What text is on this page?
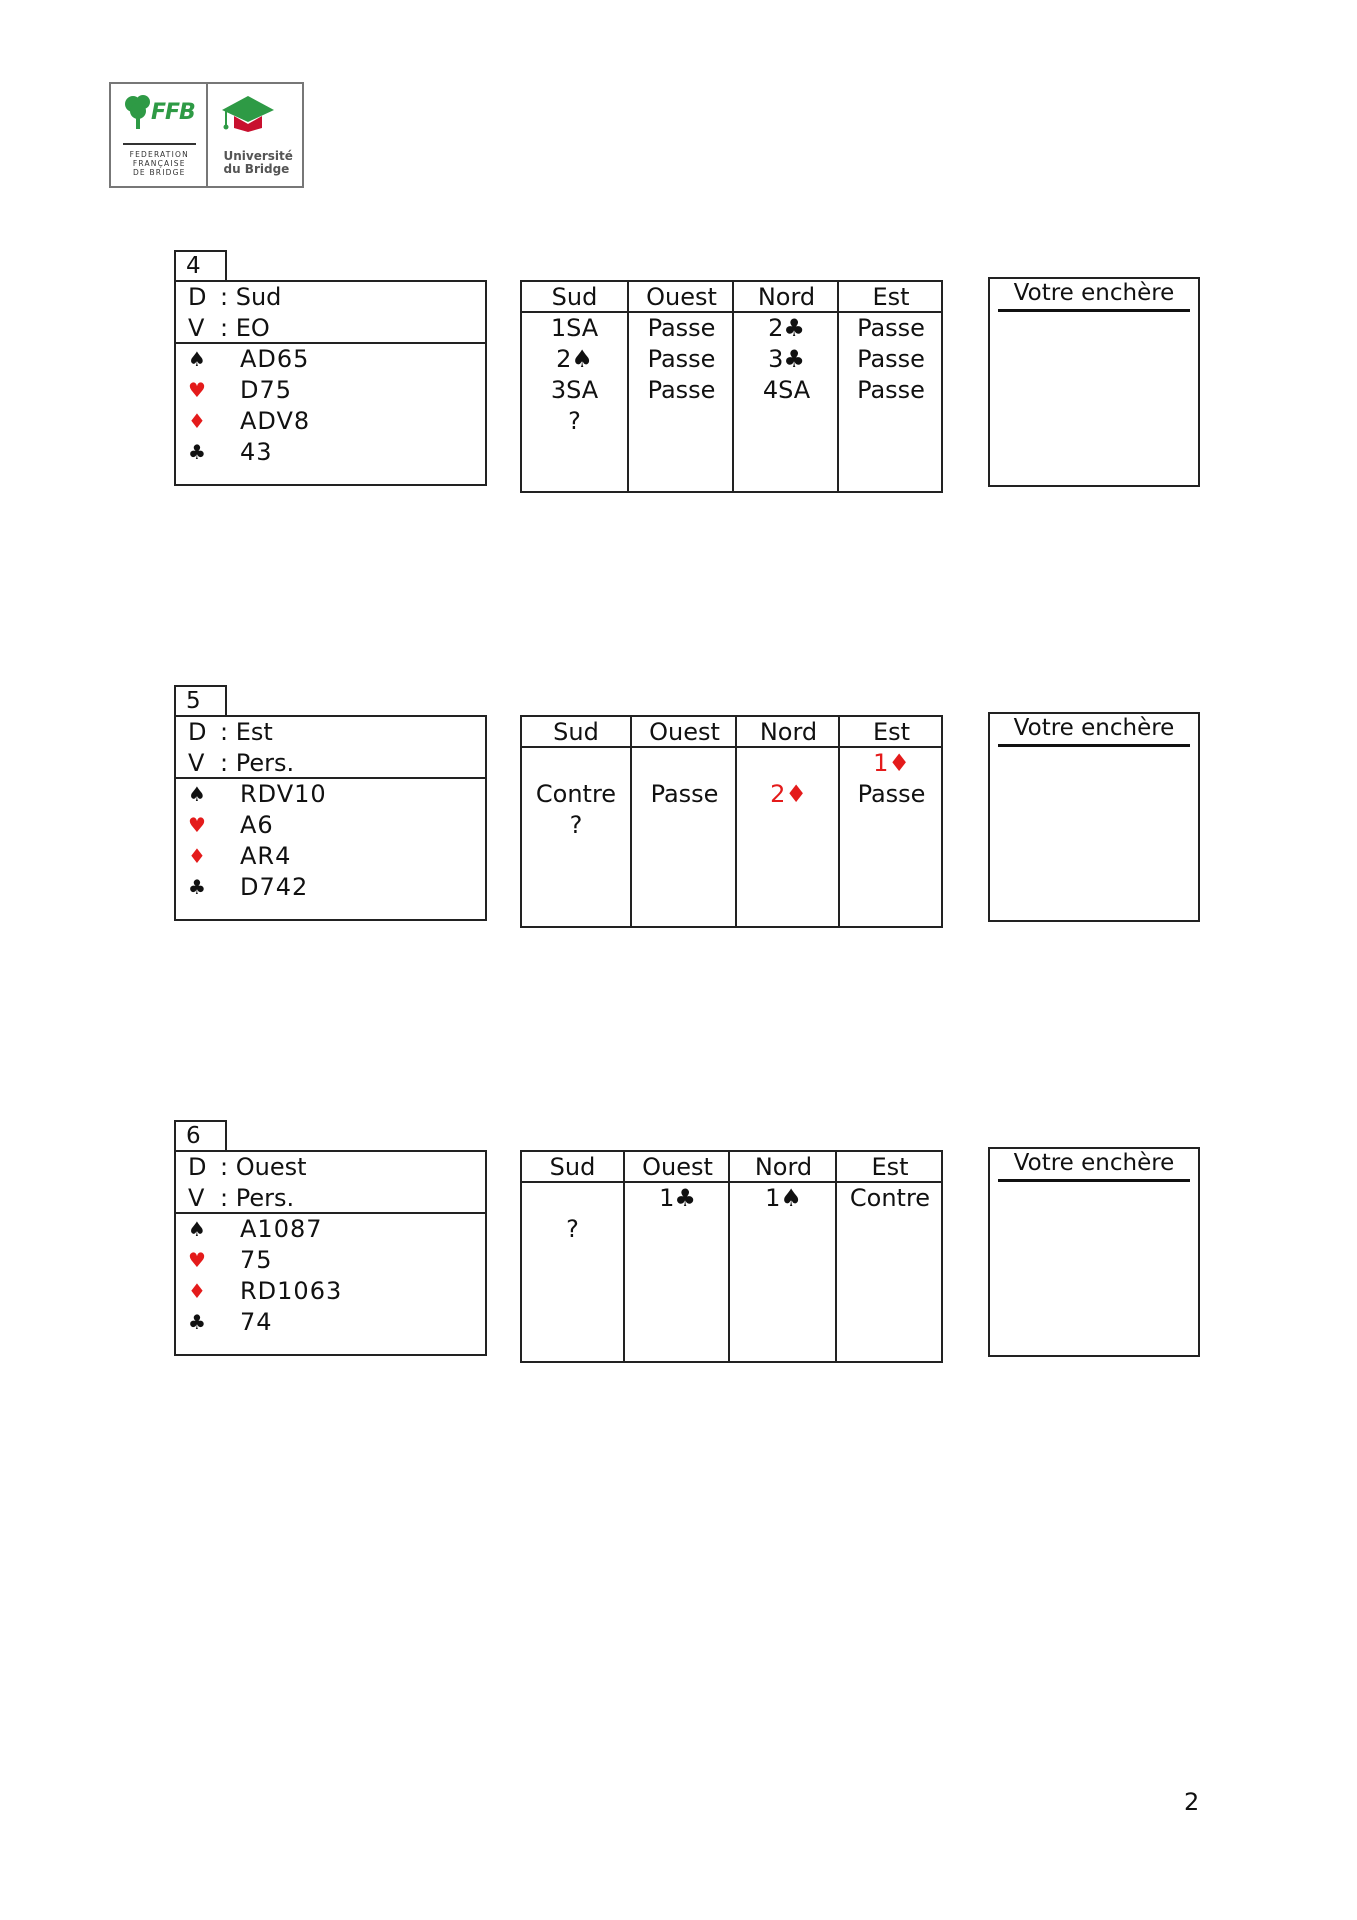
FFB
FEDERATION
FRANÇAISE
DE BRIDGE
Université
du Bridge
4
D : Sud
V : EO
♠ AD65
♥ D75
♦ ADV8
♣ 43
Sud
1SA
2♠
3SA
?
Ouest
Passe
Passe
Passe
Nord
2♣
3♣
4SA
Est
Passe
Passe
Passe
Votre enchère
5
D : Est
V : Pers.
♠ RDV10
♥ A6
♦ AR4
♣ D742
Sud
Contre
?
Ouest
Passe
Nord
2♦
Est
1♦
Passe
Votre enchère
6
D : Ouest
V : Pers.
♠ A1087
♥ 75
♦ RD1063
♣ 74
Sud
?
Ouest
1♣
Nord
1♠
Est
Contre
Votre enchère
2
